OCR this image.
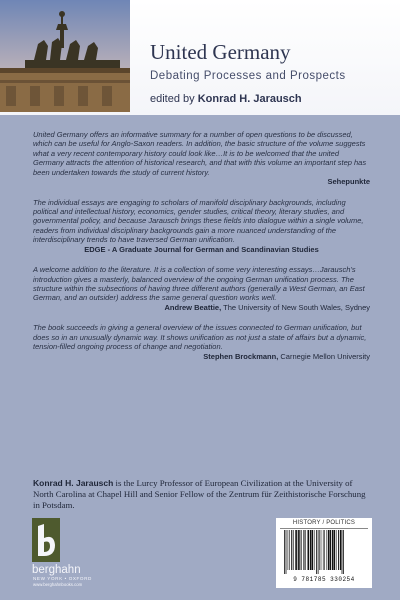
United Germany
Debating Processes and Prospects
edited by Konrad H. Jarausch

United Germany offers an informative summary for a number of open questions to be discussed, which can be useful for Anglo-Saxon readers. In addition, the basic structure of the volume suggests what a very recent contemporary history could look like…It is to be welcomed that the united Germany attracts the attention of historical research, and that with this volume an important step has been undertaken towards the study of current history.

Sehepunkte

The individual essays are engaging to scholars of manifold disciplinary backgrounds, including political and intellectual history, economics, gender studies, critical theory, literary studies, and governmental policy, and because Jarausch brings these fields into dialogue within a single volume, readers from individual disciplinary backgrounds gain a more nuanced understanding of the interdisciplinary trends to have traversed German unification.

EDGE - A Graduate Journal for German and Scandinavian Studies

A welcome addition to the literature. It is a collection of some very interesting essays…Jarausch’s introduction gives a masterly, balanced overview of the ongoing German unification process. The structure within the subsections of having three different authors (generally a West German, an East German, and an outsider) address the same general question works well.

Andrew Beattie, The University of New South Wales, Sydney

The book succeeds in giving a general overview of the issues connected to German unification, but does so in an unusually dynamic way. It shows unification as not just a state of affairs but a dynamic, tension-filled ongoing process of change and negotiation.

Stephen Brockmann, Carnegie Mellon University

Konrad H. Jarausch is the Lurcy Professor of European Civilization at the University of North Carolina at Chapel Hill and Senior Fellow of the Zentrum für Zeithistorische Forschung in Potsdam.

berghahn
NEW YORK • OXFORD
www.berghahnbooks.com
HISTORY / POLITICS
9 781785 330254
